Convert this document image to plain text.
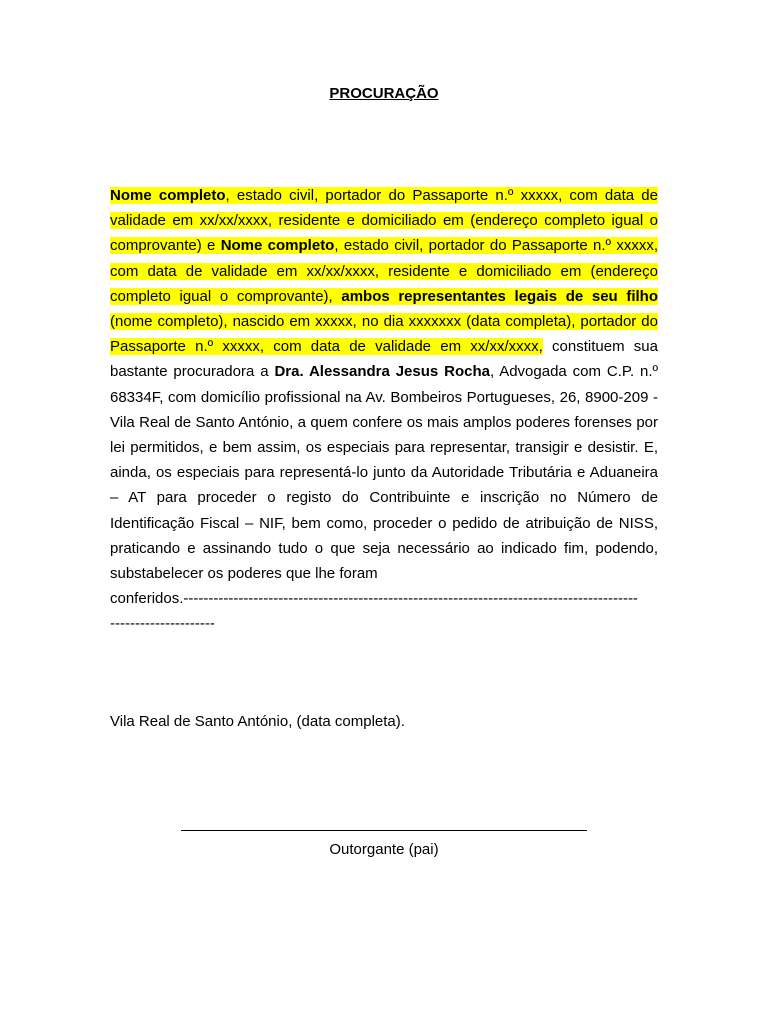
PROCURAÇÃO

Nome completo, estado civil, portador do Passaporte n.º xxxxx, com data de validade em xx/xx/xxxx, residente e domiciliado em (endereço completo igual o comprovante) e Nome completo, estado civil, portador do Passaporte n.º xxxxx, com data de validade em xx/xx/xxxx, residente e domiciliado em (endereço completo igual o comprovante), ambos representantes legais de seu filho (nome completo), nascido em xxxxx, no dia xxxxxxx (data completa), portador do Passaporte n.º xxxxx, com data de validade em xx/xx/xxxx, constituem sua bastante procuradora a Dra. Alessandra Jesus Rocha, Advogada com C.P. n.º 68334F, com domicílio profissional na Av. Bombeiros Portugueses, 26, 8900-209 - Vila Real de Santo António, a quem confere os mais amplos poderes forenses por lei permitidos, e bem assim, os especiais para representar, transigir e desistir. E, ainda, os especiais para representá-lo junto da Autoridade Tributária e Aduaneira – AT para proceder o registo do Contribuinte e inscrição no Número de Identificação Fiscal – NIF, bem como, proceder o pedido de atribuição de NISS, praticando e assinando tudo o que seja necessário ao indicado fim, podendo, substabelecer os poderes que lhe foram
conferidos.-------------------------------------------------------------------------------------------
---------------------

Vila Real de Santo António, (data completa).

Outorgante (pai)
